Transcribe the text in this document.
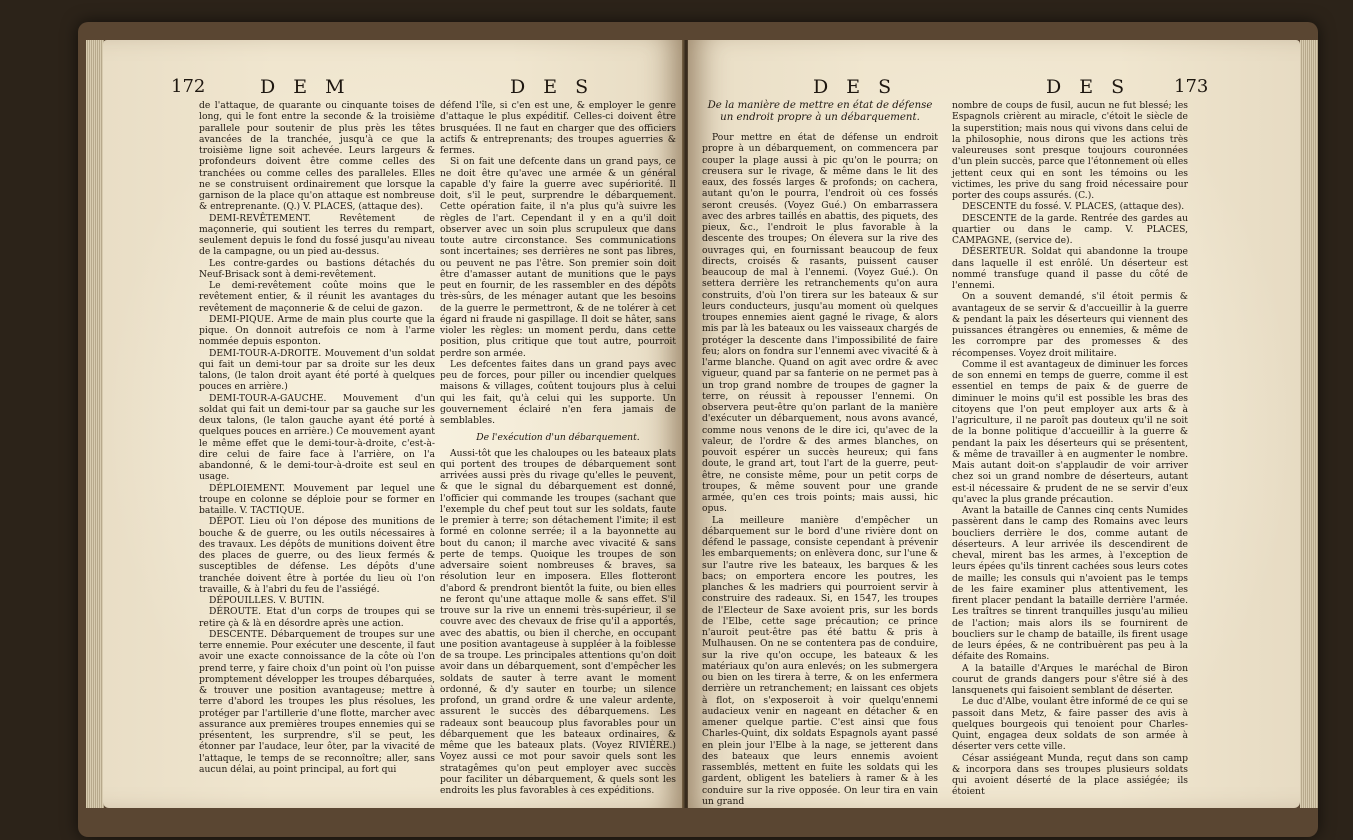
172	D E M	D E S

de l'attaque, de quarante ou cinquante toises de long, qui le font entre la seconde & la troisième parallele pour soutenir de plus près les têtes avancées de la tranchée, jusqu'à ce que la troisième ligne soit achevée. Leurs largeurs & profondeurs doivent être comme celles des tranchées ou comme celles des paralleles. Elles ne se construisent ordinairement que lorsque la garnison de la place qu'on attaque est nombreuse & entreprenante. (Q.) V. PLACES, (attaque des).

DEMI-REVÊTEMENT. Revêtement de maçonnerie, qui soutient les terres du rempart, seulement depuis le fond du fossé jusqu'au niveau de la campagne, ou un pied au-dessus.

Les contre-gardes ou bastions détachés du Neuf-Brisack sont à demi-revêtement.

Le demi-revêtement coûte moins que le revêtement entier, & il réunit les avantages du revêtement de maçonnerie & de celui de gazon.

DEMI-PIQUE. Arme de main plus courte que la pique. On donnoit autrefois ce nom à l'arme nommée depuis esponton.

DEMI-TOUR-A-DROITE. Mouvement d'un soldat qui fait un demi-tour par sa droite sur les deux talons, (le talon droit ayant été porté à quelques pouces en arrière.)

DEMI-TOUR-A-GAUCHE. Mouvement d'un soldat qui fait un demi-tour par sa gauche sur les deux talons, (le talon gauche ayant été porté à quelques pouces en arrière.) Ce mouvement ayant le même effet que le demi-tour-à-droite, c'est-à-dire celui de faire face à l'arrière, on l'a abandonné, & le demi-tour-à-droite est seul en usage.

DÉPLOIEMENT. Mouvement par lequel une troupe en colonne se déploie pour se former en bataille. V. TACTIQUE.

DÉPOT. Lieu où l'on dépose des munitions de bouche & de guerre, ou les outils nécessaires à des travaux. Les dépôts de munitions doivent être des places de guerre, ou des lieux fermés & susceptibles de défense. Les dépôts d'une tranchée doivent être à portée du lieu où l'on travaille, & à l'abri du feu de l'assiégé.

DÉPOUILLES. V. BUTIN.

DÉROUTE. Etat d'un corps de troupes qui se retire çà & là en désordre après une action.

DESCENTE. Débarquement de troupes sur une terre ennemie. Pour exécuter une descente, il faut avoir une exacte connoissance de la côte où l'on prend terre, y faire choix d'un point où l'on puisse promptement développer les troupes débarquées, & trouver une position avantageuse; mettre à terre d'abord les troupes les plus résolues, les protéger par l'artillerie d'une flotte, marcher avec assurance aux premières troupes ennemies qui se présentent, les surprendre, s'il se peut, les étonner par l'audace, leur ôter, par la vivacité de l'attaque, le temps de se reconnoître; aller, sans aucun délai, au point principal, au fort qui

défend l'île, si c'en est une, & employer le genre d'attaque le plus expéditif. Celles-ci doivent être brusquées. Il ne faut en charger que des officiers actifs & entreprenants; des troupes aguerries & fermes.

Si on fait une defcente dans un grand pays, ce ne doit être qu'avec une armée & un général capable d'y faire la guerre avec supériorité. Il doit, s'il le peut, surprendre le débarquement. Cette opération faite, il n'a plus qu'à suivre les règles de l'art. Cependant il y en a qu'il doit observer avec un soin plus scrupuleux que dans toute autre circonstance. Ses communications sont incertaines; ses derrières ne sont pas libres, ou peuvent ne pas l'être. Son premier soin doit être d'amasser autant de munitions que le pays peut en fournir, de les rassembler en des dépôts très-sûrs, de les ménager autant que les besoins de la guerre le permettront, & de ne tolérer à cet égard ni fraude ni gaspillage. Il doit se hâter, sans violer les règles: un moment perdu, dans cette position, plus critique que tout autre, pourroit perdre son armée.

Les defcentes faites dans un grand pays avec peu de forces, pour piller ou incendier quelques maisons & villages, coûtent toujours plus à celui qui les fait, qu'à celui qui les supporte. Un gouvernement éclairé n'en fera jamais de semblables.

De l'exécution d'un débarquement.

Aussi-tôt que les chaloupes ou les bateaux plats qui portent des troupes de débarquement sont arrivées aussi près du rivage qu'elles le peuvent, & que le signal du débarquement est donné, l'officier qui commande les troupes (sachant que l'exemple du chef peut tout sur les soldats, faute le premier à terre; son détachement l'imite; il est formé en colonne serrée; il a la bayonnette au bout du canon; il marche avec vivacité & sans perte de temps. Quoique les troupes de son adversaire soient nombreuses & braves, sa résolution leur en imposera. Elles flotteront d'abord & prendront bientôt la fuite, ou bien elles ne feront qu'une attaque molle & sans effet. S'il trouve sur la rive un ennemi très-supérieur, il se couvre avec des chevaux de frise qu'il a apportés, avec des abattis, ou bien il cherche, en occupant une position avantageuse à suppléer à la foiblesse de sa troupe. Les principales attentions qu'on doit avoir dans un débarquement, sont d'empêcher les soldats de sauter à terre avant le moment ordonné, & d'y sauter en tourbe; un silence profond, un grand ordre & une valeur ardente, assurent le succès des débarquemens. Les radeaux sont beaucoup plus favorables pour un débarquement que les bateaux ordinaires, & même que les bateaux plats. (Voyez RIVIÈRE.) Voyez aussi ce mot pour savoir quels sont les stratagêmes qu'on peut employer avec succès pour faciliter un débarquement, & quels sont les endroits les plus favorables à ces expéditions.

D E S	D E S 173

De la manière de mettre en état de défense un endroit propre à un débarquement.

Pour mettre en état de défense un endroit propre à un débarquement, on commencera par couper la plage aussi à pic qu'on le pourra; on creusera sur le rivage, & même dans le lit des eaux, des fossés larges & profonds; on cachera, autant qu'on le pourra, l'endroit où ces fossés seront creusés. (Voyez Gué.) On embarrassera avec des arbres taillés en abattis, des piquets, des pieux, &c., l'endroit le plus favorable à la descente des troupes; On élevera sur la rive des ouvrages qui, en fournissant beaucoup de feux directs, croisés & rasants, puissent causer beaucoup de mal à l'ennemi. (Voyez Gué.). On settera derrière les retranchements qu'on aura construits, d'où l'on tirera sur les bateaux & sur leurs conducteurs, jusqu'au moment où quelques troupes ennemies aient gagné le rivage, & alors mis par là les bateaux ou les vaisseaux chargés de protéger la descente dans l'impossibilité de faire feu; alors on fondra sur l'ennemi avec vivacité & à l'arme blanche. Quand on agit avec ordre & avec vigueur, quand par sa fanterie on ne permet pas à un trop grand nombre de troupes de gagner la terre, on réussit à repousser l'ennemi. On observera peut-être qu'on parlant de la manière d'exécuter un débarquement, nous avons avancé, comme nous venons de le dire ici, qu'avec de la valeur, de l'ordre & des armes blanches, on pouvoit espérer un succès heureux; qui fans doute, le grand art, tout l'art de la guerre, peut-être, ne consiste même, pour un petit corps de troupes, & même souvent pour une grande armée, qu'en ces trois points; mais aussi, hic opus.

La meilleure manière d'empêcher un débarquement sur le bord d'une rivière dont on défend le passage, consiste cependant à prévenir les embarquements; on enlèvera donc, sur l'une & sur l'autre rive les bateaux, les barques & les bacs; on emportera encore les poutres, les planches & les madriers qui pourroient servir à construire des radeaux. Si, en 1547, les troupes de l'Electeur de Saxe avoient pris, sur les bords de l'Elbe, cette sage précaution; ce prince n'auroit peut-être pas été battu & pris à Mulhausen. On ne se contentera pas de conduire, sur la rive qu'on occupe, les bateaux & les matériaux qu'on aura enlevés; on les submergera ou bien on les tirera à terre, & on les enfermera derrière un retranchement; en laissant ces objets à flot, on s'exposeroit à voir quelqu'ennemi audacieux venir en nageant en détacher & en amener quelque partie. C'est ainsi que fous Charles-Quint, dix soldats Espagnols ayant passé en plein jour l'Elbe à la nage, se jetterent dans des bateaux que leurs ennemis avoient rassemblés, mettent en fuite les soldats qui les gardent, obligent les bateliers à ramer & à les conduire sur la rive opposée. On leur tira en vain un grand

nombre de coups de fusil, aucun ne fut blessé; les Espagnols crièrent au miracle, c'étoit le siècle de la superstition; mais nous qui vivons dans celui de la philosophie, nous dirons que les actions très valeureuses sont presque toujours couronnées d'un plein succès, parce que l'étonnement où elles jettent ceux qui en sont les témoins ou les victimes, les prive du sang froid nécessaire pour porter des coups assurés. (C.).

DESCENTE du fossé. V. PLACES, (attaque des).

DESCENTE de la garde. Rentrée des gardes au quartier ou dans le camp. V. PLACES, CAMPAGNE, (service de).

DÉSERTEUR. Soldat qui abandonne la troupe dans laquelle il est enrôlé. Un déserteur est nommé transfuge quand il passe du côté de l'ennemi.

On a souvent demandé, s'il étoit permis & avantageux de se servir & d'accueillir à la guerre & pendant la paix les déserteurs qui viennent des puissances étrangères ou ennemies, & même de les corrompre par des promesses & des récompenses. Voyez droit militaire.

Comme il est avantageux de diminuer les forces de son ennemi en temps de guerre, comme il est essentiel en temps de paix & de guerre de diminuer le moins qu'il est possible les bras des citoyens que l'on peut employer aux arts & à l'agriculture, il ne paroît pas douteux qu'il ne soit de la bonne politique d'accueillir à la guerre & pendant la paix les déserteurs qui se présentent, & même de travailler à en augmenter le nombre. Mais autant doit-on s'applaudir de voir arriver chez soi un grand nombre de déserteurs, autant est-il nécessaire & prudent de ne se servir d'eux qu'avec la plus grande précaution.

Avant la bataille de Cannes cinq cents Numides passèrent dans le camp des Romains avec leurs boucliers derrière le dos, comme autant de déserteurs. A leur arrivée ils descendirent de cheval, mirent bas les armes, à l'exception de leurs épées qu'ils tinrent cachées sous leurs cotes de maille; les consuls qui n'avoient pas le temps de les faire examiner plus attentivement, les firent placer pendant la bataille derrière l'armée. Les traîtres se tinrent tranquilles jusqu'au milieu de l'action; mais alors ils se fournirent de boucliers sur le champ de bataille, ils firent usage de leurs épées, & ne contribuèrent pas peu à la défaite des Romains.

A la bataille d'Arques le maréchal de Biron courut de grands dangers pour s'être sié à des lansquenets qui faisoient semblant de déserter.

Le duc d'Albe, voulant être informé de ce qui se passoit dans Metz, & faire passer des avis à quelques bourgeois qui tenoient pour Charles-Quint, engagea deux soldats de son armée à déserter vers cette ville.

César assiégeant Munda, reçut dans son camp & incorpora dans ses troupes plusieurs soldats qui avoient déserté de la place assiégée; ils étoient
